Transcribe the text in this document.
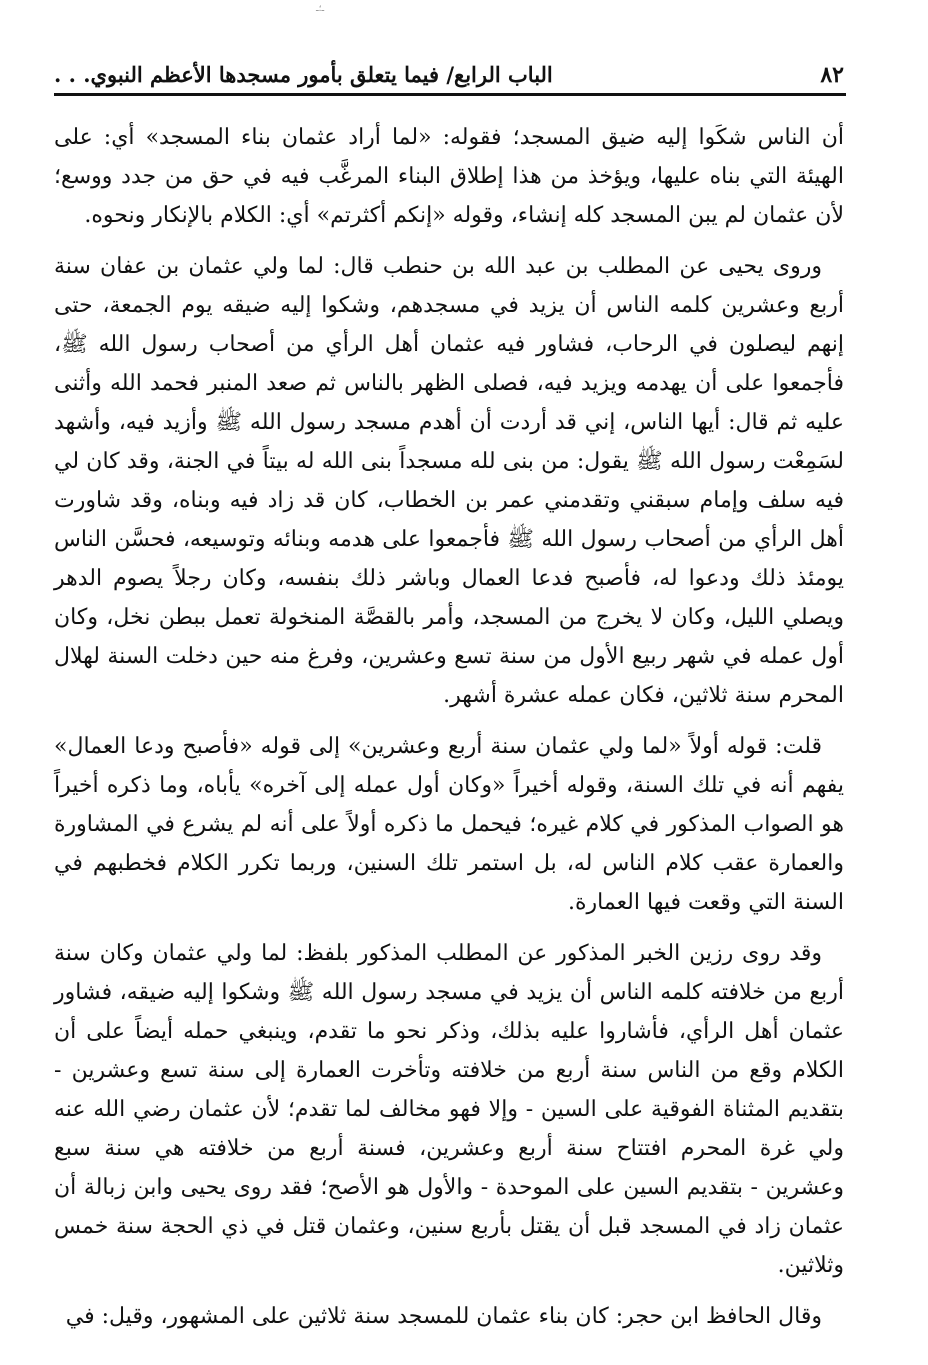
ـ؛ـ
٨٢
الباب الرابع/ فيما يتعلق بأمور مسجدها الأعظم النبوي. . .

أن الناس شكَوا إليه ضيق المسجد؛ فقوله: «لما أراد عثمان بناء المسجد» أي: على الهيئة التي بناه عليها، ويؤخذ من هذا إطلاق البناء المرغَّب فيه في حق من جدد ووسع؛ لأن عثمان لم يبن المسجد كله إنشاء، وقوله «إنكم أكثرتم» أي: الكلام بالإنكار ونحوه.

وروى يحيى عن المطلب بن عبد الله بن حنطب قال: لما ولي عثمان بن عفان سنة أربع وعشرين كلمه الناس أن يزيد في مسجدهم، وشكوا إليه ضيقه يوم الجمعة، حتى إنهم ليصلون في الرحاب، فشاور فيه عثمان أهل الرأي من أصحاب رسول الله ﷺ، فأجمعوا على أن يهدمه ويزيد فيه، فصلى الظهر بالناس ثم صعد المنبر فحمد الله وأثنى عليه ثم قال: أيها الناس، إني قد أردت أن أهدم مسجد رسول الله ﷺ وأزيد فيه، وأشهد لسَمِعْت رسول الله ﷺ يقول: من بنى لله مسجداً بنى الله له بيتاً في الجنة، وقد كان لي فيه سلف وإمام سبقني وتقدمني عمر بن الخطاب، كان قد زاد فيه وبناه، وقد شاورت أهل الرأي من أصحاب رسول الله ﷺ فأجمعوا على هدمه وبنائه وتوسيعه، فحسَّن الناس يومئذ ذلك ودعوا له، فأصبح فدعا العمال وباشر ذلك بنفسه، وكان رجلاً يصوم الدهر ويصلي الليل، وكان لا يخرج من المسجد، وأمر بالقصَّة المنخولة تعمل ببطن نخل، وكان أول عمله في شهر ربيع الأول من سنة تسع وعشرين، وفرغ منه حين دخلت السنة لهلال المحرم سنة ثلاثين، فكان عمله عشرة أشهر.

قلت: قوله أولاً «لما ولي عثمان سنة أربع وعشرين» إلى قوله «فأصبح ودعا العمال» يفهم أنه في تلك السنة، وقوله أخيراً «وكان أول عمله إلى آخره» يأباه، وما ذكره أخيراً هو الصواب المذكور في كلام غيره؛ فيحمل ما ذكره أولاً على أنه لم يشرع في المشاورة والعمارة عقب كلام الناس له، بل استمر تلك السنين، وربما تكرر الكلام فخطبهم في السنة التي وقعت فيها العمارة.

وقد روى رزين الخبر المذكور عن المطلب المذكور بلفظ: لما ولي عثمان وكان سنة أربع من خلافته كلمه الناس أن يزيد في مسجد رسول الله ﷺ وشكوا إليه ضيقه، فشاور عثمان أهل الرأي، فأشاروا عليه بذلك، وذكر نحو ما تقدم، وينبغي حمله أيضاً على أن الكلام وقع من الناس سنة أربع من خلافته وتأخرت العمارة إلى سنة تسع وعشرين - بتقديم المثناة الفوقية على السين - وإلا فهو مخالف لما تقدم؛ لأن عثمان رضي الله عنه ولي غرة المحرم افتتاح سنة أربع وعشرين، فسنة أربع من خلافته هي سنة سبع وعشرين - بتقديم السين على الموحدة - والأول هو الأصح؛ فقد روى يحيى وابن زبالة أن عثمان زاد في المسجد قبل أن يقتل بأربع سنين، وعثمان قتل في ذي الحجة سنة خمس وثلاثين.

وقال الحافظ ابن حجر: كان بناء عثمان للمسجد سنة ثلاثين على المشهور، وقيل: في
